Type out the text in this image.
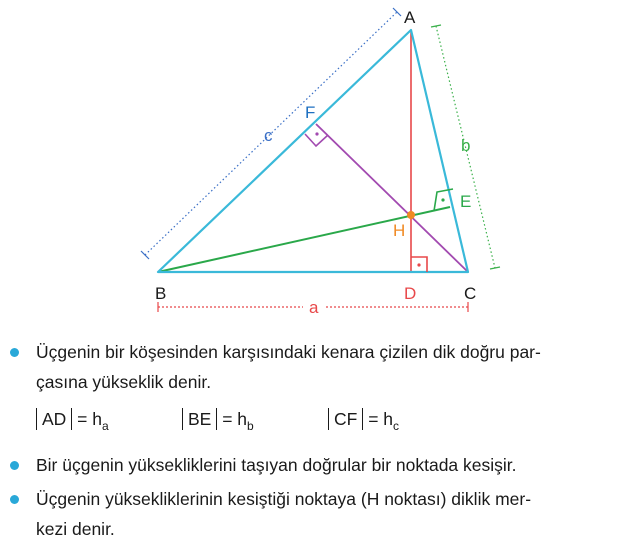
A
B	C
D
E
F
H
c
b
a
Üçgenin bir köşesinden karşısındaki kenara çizilen dik doğru par-
çasına yükseklik denir.
AD = $h_a$	BE = $h_b$	CF = $h_c$
Bir üçgenin yüksekliklerini taşıyan doğrular bir noktada kesişir.
Üçgenin yüksekliklerinin kesiştiği noktaya (H noktası) diklik mer-
kezi denir.
